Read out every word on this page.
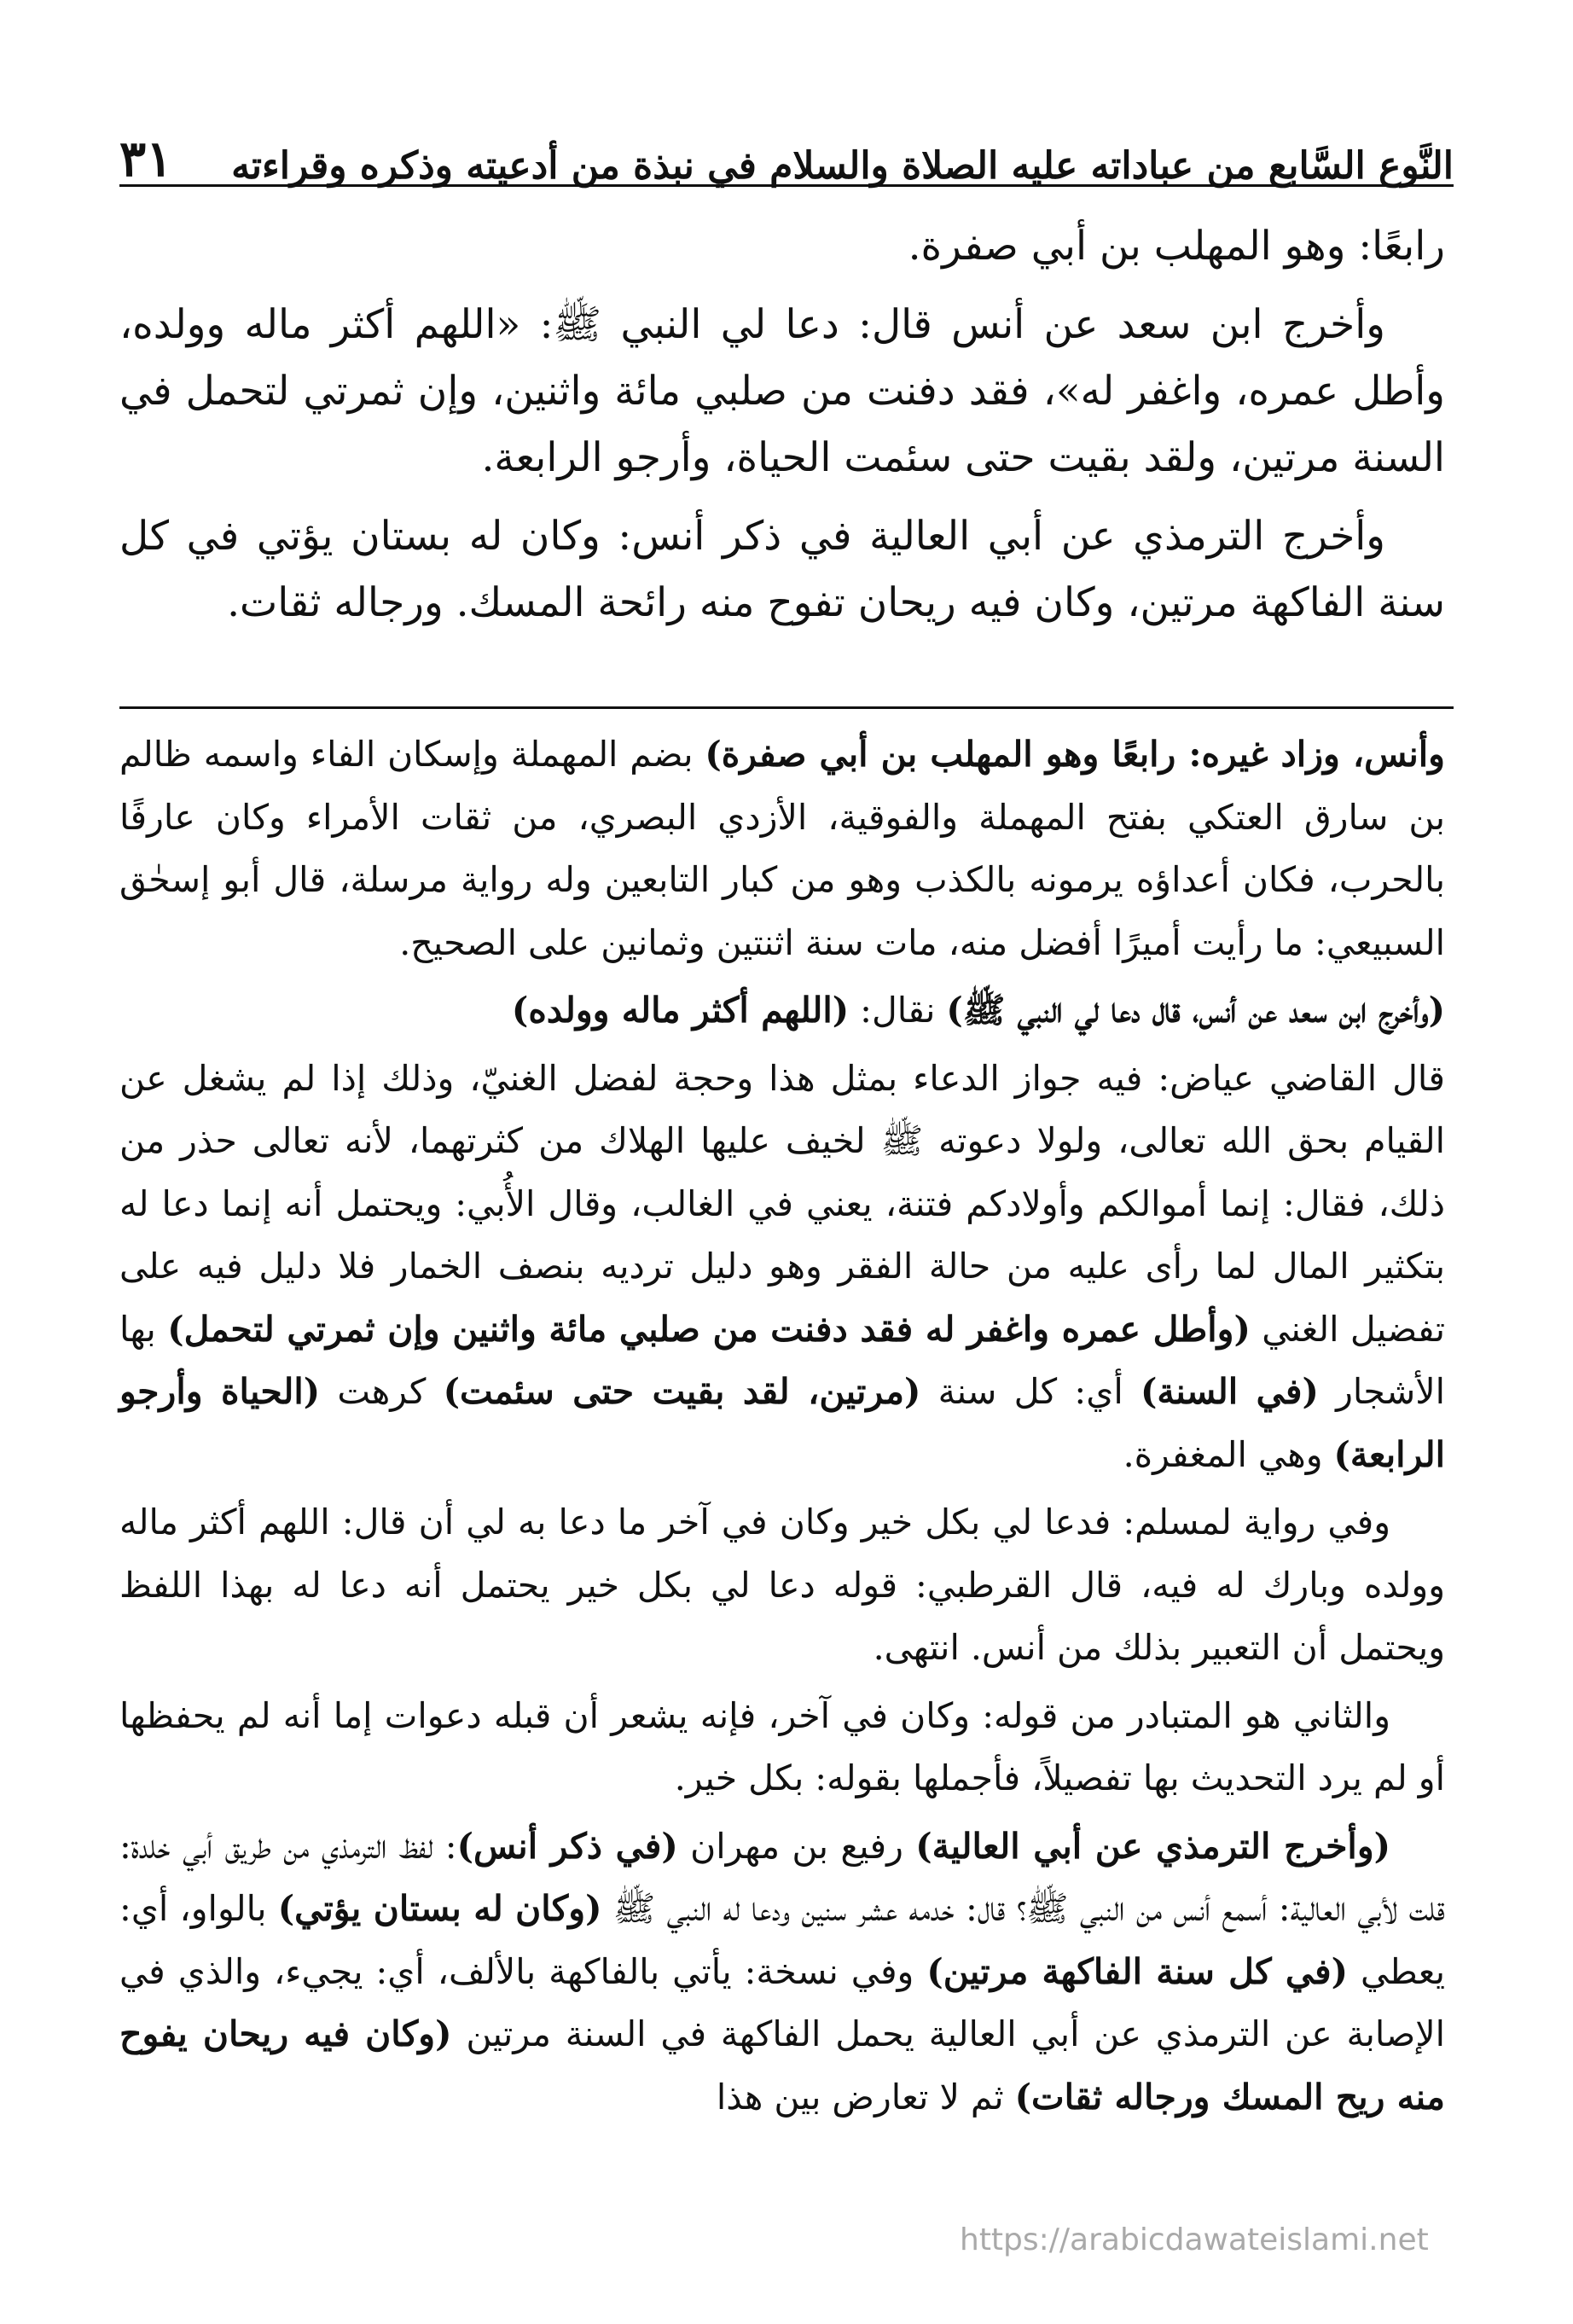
النَّوع السَّابع من عباداته عليه الصلاة والسلام في نبذة من أدعيته وذكره وقراءته
٣١

رابعًا: وهو المهلب بن أبي صفرة.

وأخرج ابن سعد عن أنس قال: دعا لي النبي ﷺ: «اللهم أكثر ماله وولده، وأطل عمره، واغفر له»، فقد دفنت من صلبي مائة واثنين، وإن ثمرتي لتحمل في السنة مرتين، ولقد بقيت حتى سئمت الحياة، وأرجو الرابعة.

وأخرج الترمذي عن أبي العالية في ذكر أنس: وكان له بستان يؤتي في كل سنة الفاكهة مرتين، وكان فيه ريحان تفوح منه رائحة المسك. ورجاله ثقات.

وأنس، وزاد غيره: رابعًا وهو المهلب بن أبي صفرة) بضم المهملة وإسكان الفاء واسمه ظالم بن سارق العتكي بفتح المهملة والفوقية، الأزدي البصري، من ثقات الأمراء وكان عارفًا بالحرب، فكان أعداؤه يرمونه بالكذب وهو من كبار التابعين وله رواية مرسلة، قال أبو إسحٰق السبيعي: ما رأيت أميرًا أفضل منه، مات سنة اثنتين وثمانين على الصحيح.

(وأخرج ابن سعد عن أنس، قال دعا لي النبي ﷺ) نقال: (اللهم أكثر ماله وولده)

قال القاضي عياض: فيه جواز الدعاء بمثل هذا وحجة لفضل الغنيّ، وذلك إذا لم يشغل عن القيام بحق الله تعالى، ولولا دعوته ﷺ لخيف عليها الهلاك من كثرتهما، لأنه تعالى حذر من ذلك، فقال: إنما أموالكم وأولادكم فتنة، يعني في الغالب، وقال الأُبي: ويحتمل أنه إنما دعا له بتكثير المال لما رأى عليه من حالة الفقر وهو دليل ترديه بنصف الخمار فلا دليل فيه على تفضيل الغني (وأطل عمره واغفر له فقد دفنت من صلبي مائة واثنين وإن ثمرتي لتحمل) بها الأشجار (في السنة) أي: كل سنة (مرتين، لقد بقيت حتى سئمت) كرهت (الحياة وأرجو الرابعة) وهي المغفرة.

وفي رواية لمسلم: فدعا لي بكل خير وكان في آخر ما دعا به لي أن قال: اللهم أكثر ماله وولده وبارك له فيه، قال القرطبي: قوله دعا لي بكل خير يحتمل أنه دعا له بهذا اللفظ ويحتمل أن التعبير بذلك من أنس. انتهى.

والثاني هو المتبادر من قوله: وكان في آخر، فإنه يشعر أن قبله دعوات إما أنه لم يحفظها أو لم يرد التحديث بها تفصيلاً، فأجملها بقوله: بكل خير.

(وأخرج الترمذي عن أبي العالية) رفيع بن مهران (في ذكر أنس): لفظ الترمذي من طريق أبي خلدة: قلت لأبي العالية: أسمع أنس من النبي ﷺ؟ قال: خدمه عشر سنين ودعا له النبي ﷺ (وكان له بستان يؤتي) بالواو، أي: يعطي (في كل سنة الفاكهة مرتين) وفي نسخة: يأتي بالفاكهة بالألف، أي: يجيء، والذي في الإصابة عن الترمذي عن أبي العالية يحمل الفاكهة في السنة مرتين (وكان فيه ريحان يفوح منه ريح المسك ورجاله ثقات) ثم لا تعارض بين هذا

https://arabicdawateislami.net
